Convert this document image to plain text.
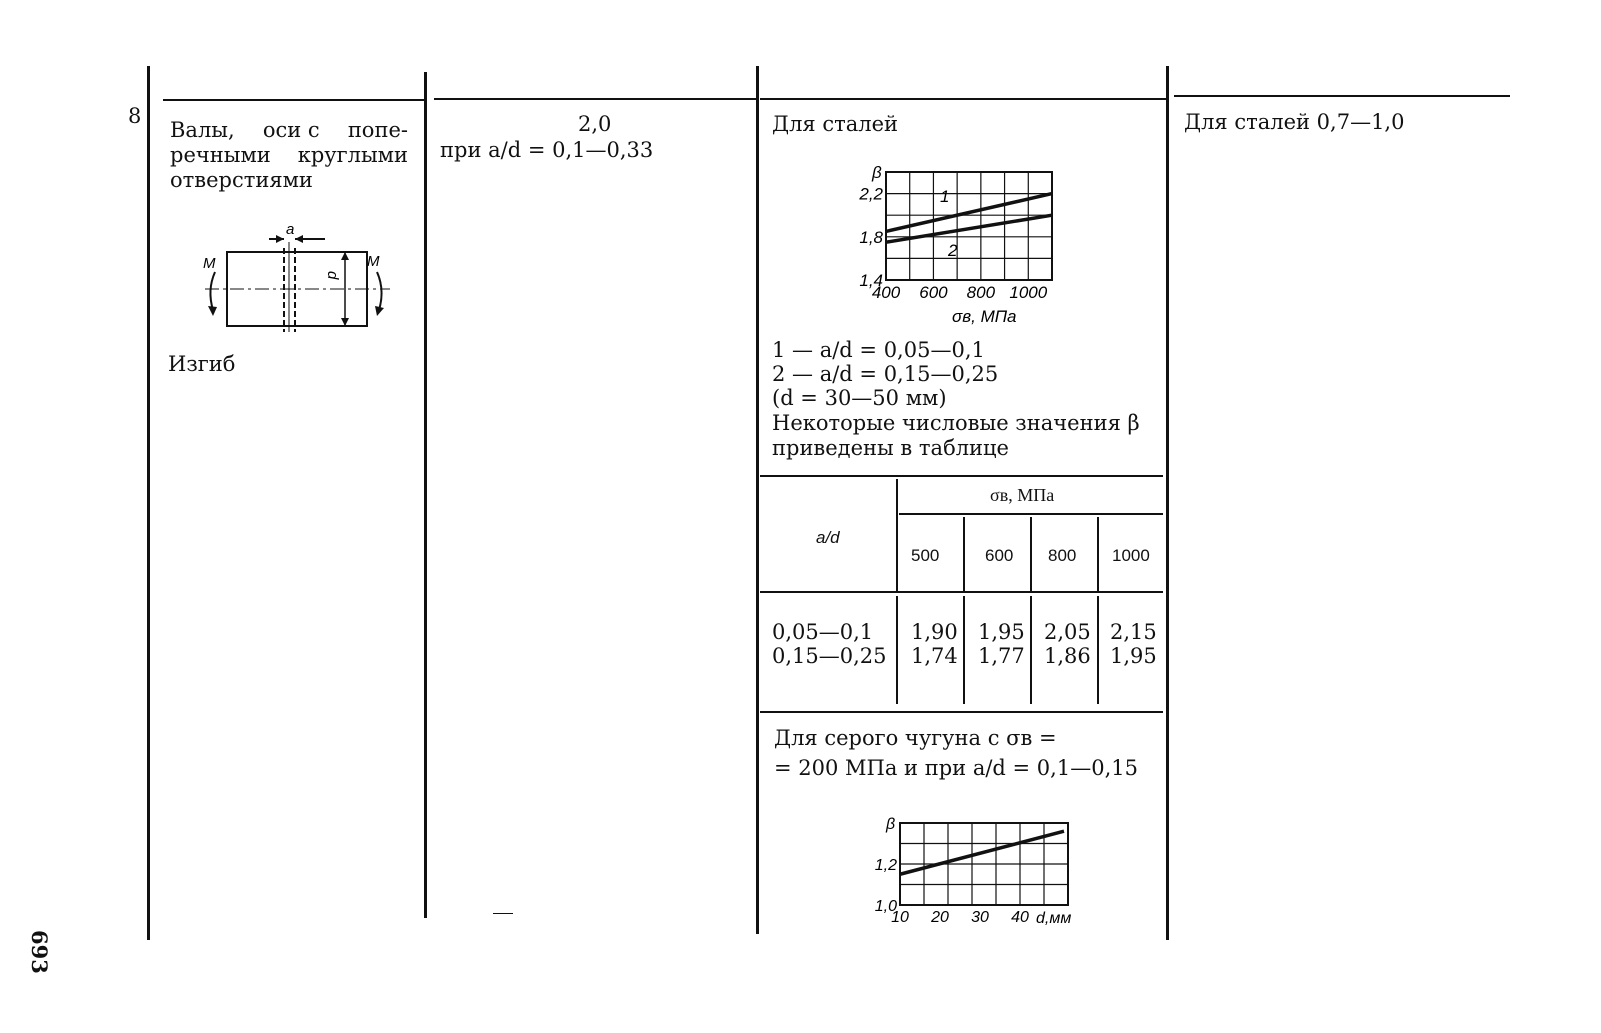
8
693
Валы, оси с попе-
речными круглыми
отверстиями
a
d
M	M
Изгиб
2,0
при a/d = 0,1—0,33
Для сталей
β
2,2
1,8
1,4
400 600 800 1000
σв, МПа
1
2
1 — a/d = 0,05—0,1
2 — a/d = 0,15—0,25
(d = 30—50 мм)
Некоторые числовые значения β
приведены в таблице
a/d
σв, МПа
500	600 800 1000
0,05—0,1
0,15—0,25
1,90 1,95 2,05 2,15
1,74 1,77 1,86 1,95
Для серого чугуна с σв =
= 200 МПа и при a/d = 0,1—0,15
β
1,2
1,0
10 20 30 40 d,мм
Для сталей 0,7—1,0
